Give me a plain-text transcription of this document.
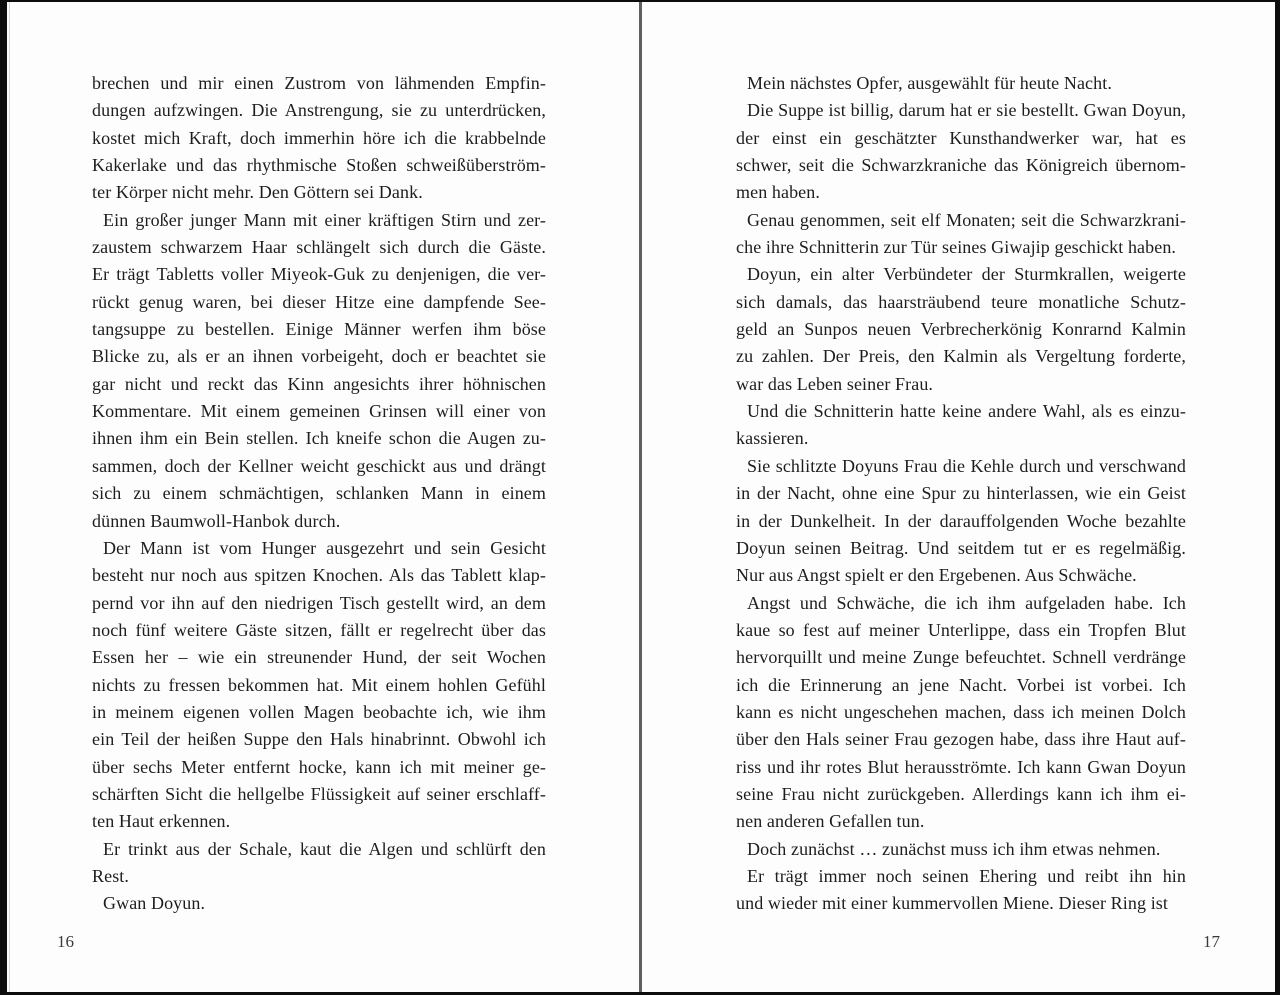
brechen und mir einen Zustrom von lähmenden Empfin-
dungen aufzwingen. Die Anstrengung, sie zu unterdrücken,
kostet mich Kraft, doch immerhin höre ich die krabbelnde
Kakerlake und das rhythmische Stoßen schweißüberström-
ter Körper nicht mehr. Den Göttern sei Dank.
Ein großer junger Mann mit einer kräftigen Stirn und zer-
zaustem schwarzem Haar schlängelt sich durch die Gäste.
Er trägt Tabletts voller Miyeok-Guk zu denjenigen, die ver-
rückt genug waren, bei dieser Hitze eine dampfende See-
tangsuppe zu bestellen. Einige Männer werfen ihm böse
Blicke zu, als er an ihnen vorbeigeht, doch er beachtet sie
gar nicht und reckt das Kinn angesichts ihrer höhnischen
Kommentare. Mit einem gemeinen Grinsen will einer von
ihnen ihm ein Bein stellen. Ich kneife schon die Augen zu-
sammen, doch der Kellner weicht geschickt aus und drängt
sich zu einem schmächtigen, schlanken Mann in einem
dünnen Baumwoll-Hanbok durch.
Der Mann ist vom Hunger ausgezehrt und sein Gesicht
besteht nur noch aus spitzen Knochen. Als das Tablett klap-
pernd vor ihn auf den niedrigen Tisch gestellt wird, an dem
noch fünf weitere Gäste sitzen, fällt er regelrecht über das
Essen her – wie ein streunender Hund, der seit Wochen
nichts zu fressen bekommen hat. Mit einem hohlen Gefühl
in meinem eigenen vollen Magen beobachte ich, wie ihm
ein Teil der heißen Suppe den Hals hinabrinnt. Obwohl ich
über sechs Meter entfernt hocke, kann ich mit meiner ge-
schärften Sicht die hellgelbe Flüssigkeit auf seiner erschlaff-
ten Haut erkennen.
Er trinkt aus der Schale, kaut die Algen und schlürft den
Rest.
Gwan Doyun.
16
Mein nächstes Opfer, ausgewählt für heute Nacht.
Die Suppe ist billig, darum hat er sie bestellt. Gwan Doyun,
der einst ein geschätzter Kunsthandwerker war, hat es
schwer, seit die Schwarzkraniche das Königreich übernom-
men haben.
Genau genommen, seit elf Monaten; seit die Schwarzkrani-
che ihre Schnitterin zur Tür seines Giwajip geschickt haben.
Doyun, ein alter Verbündeter der Sturmkrallen, weigerte
sich damals, das haarsträubend teure monatliche Schutz-
geld an Sunpos neuen Verbrecherkönig Konrarnd Kalmin
zu zahlen. Der Preis, den Kalmin als Vergeltung forderte,
war das Leben seiner Frau.
Und die Schnitterin hatte keine andere Wahl, als es einzu-
kassieren.
Sie schlitzte Doyuns Frau die Kehle durch und verschwand
in der Nacht, ohne eine Spur zu hinterlassen, wie ein Geist
in der Dunkelheit. In der darauffolgenden Woche bezahlte
Doyun seinen Beitrag. Und seitdem tut er es regelmäßig.
Nur aus Angst spielt er den Ergebenen. Aus Schwäche.
Angst und Schwäche, die ich ihm aufgeladen habe. Ich
kaue so fest auf meiner Unterlippe, dass ein Tropfen Blut
hervorquillt und meine Zunge befeuchtet. Schnell verdränge
ich die Erinnerung an jene Nacht. Vorbei ist vorbei. Ich
kann es nicht ungeschehen machen, dass ich meinen Dolch
über den Hals seiner Frau gezogen habe, dass ihre Haut auf-
riss und ihr rotes Blut herausströmte. Ich kann Gwan Doyun
seine Frau nicht zurückgeben. Allerdings kann ich ihm ei-
nen anderen Gefallen tun.
Doch zunächst … zunächst muss ich ihm etwas nehmen.
Er trägt immer noch seinen Ehering und reibt ihn hin
und wieder mit einer kummervollen Miene. Dieser Ring ist
17
